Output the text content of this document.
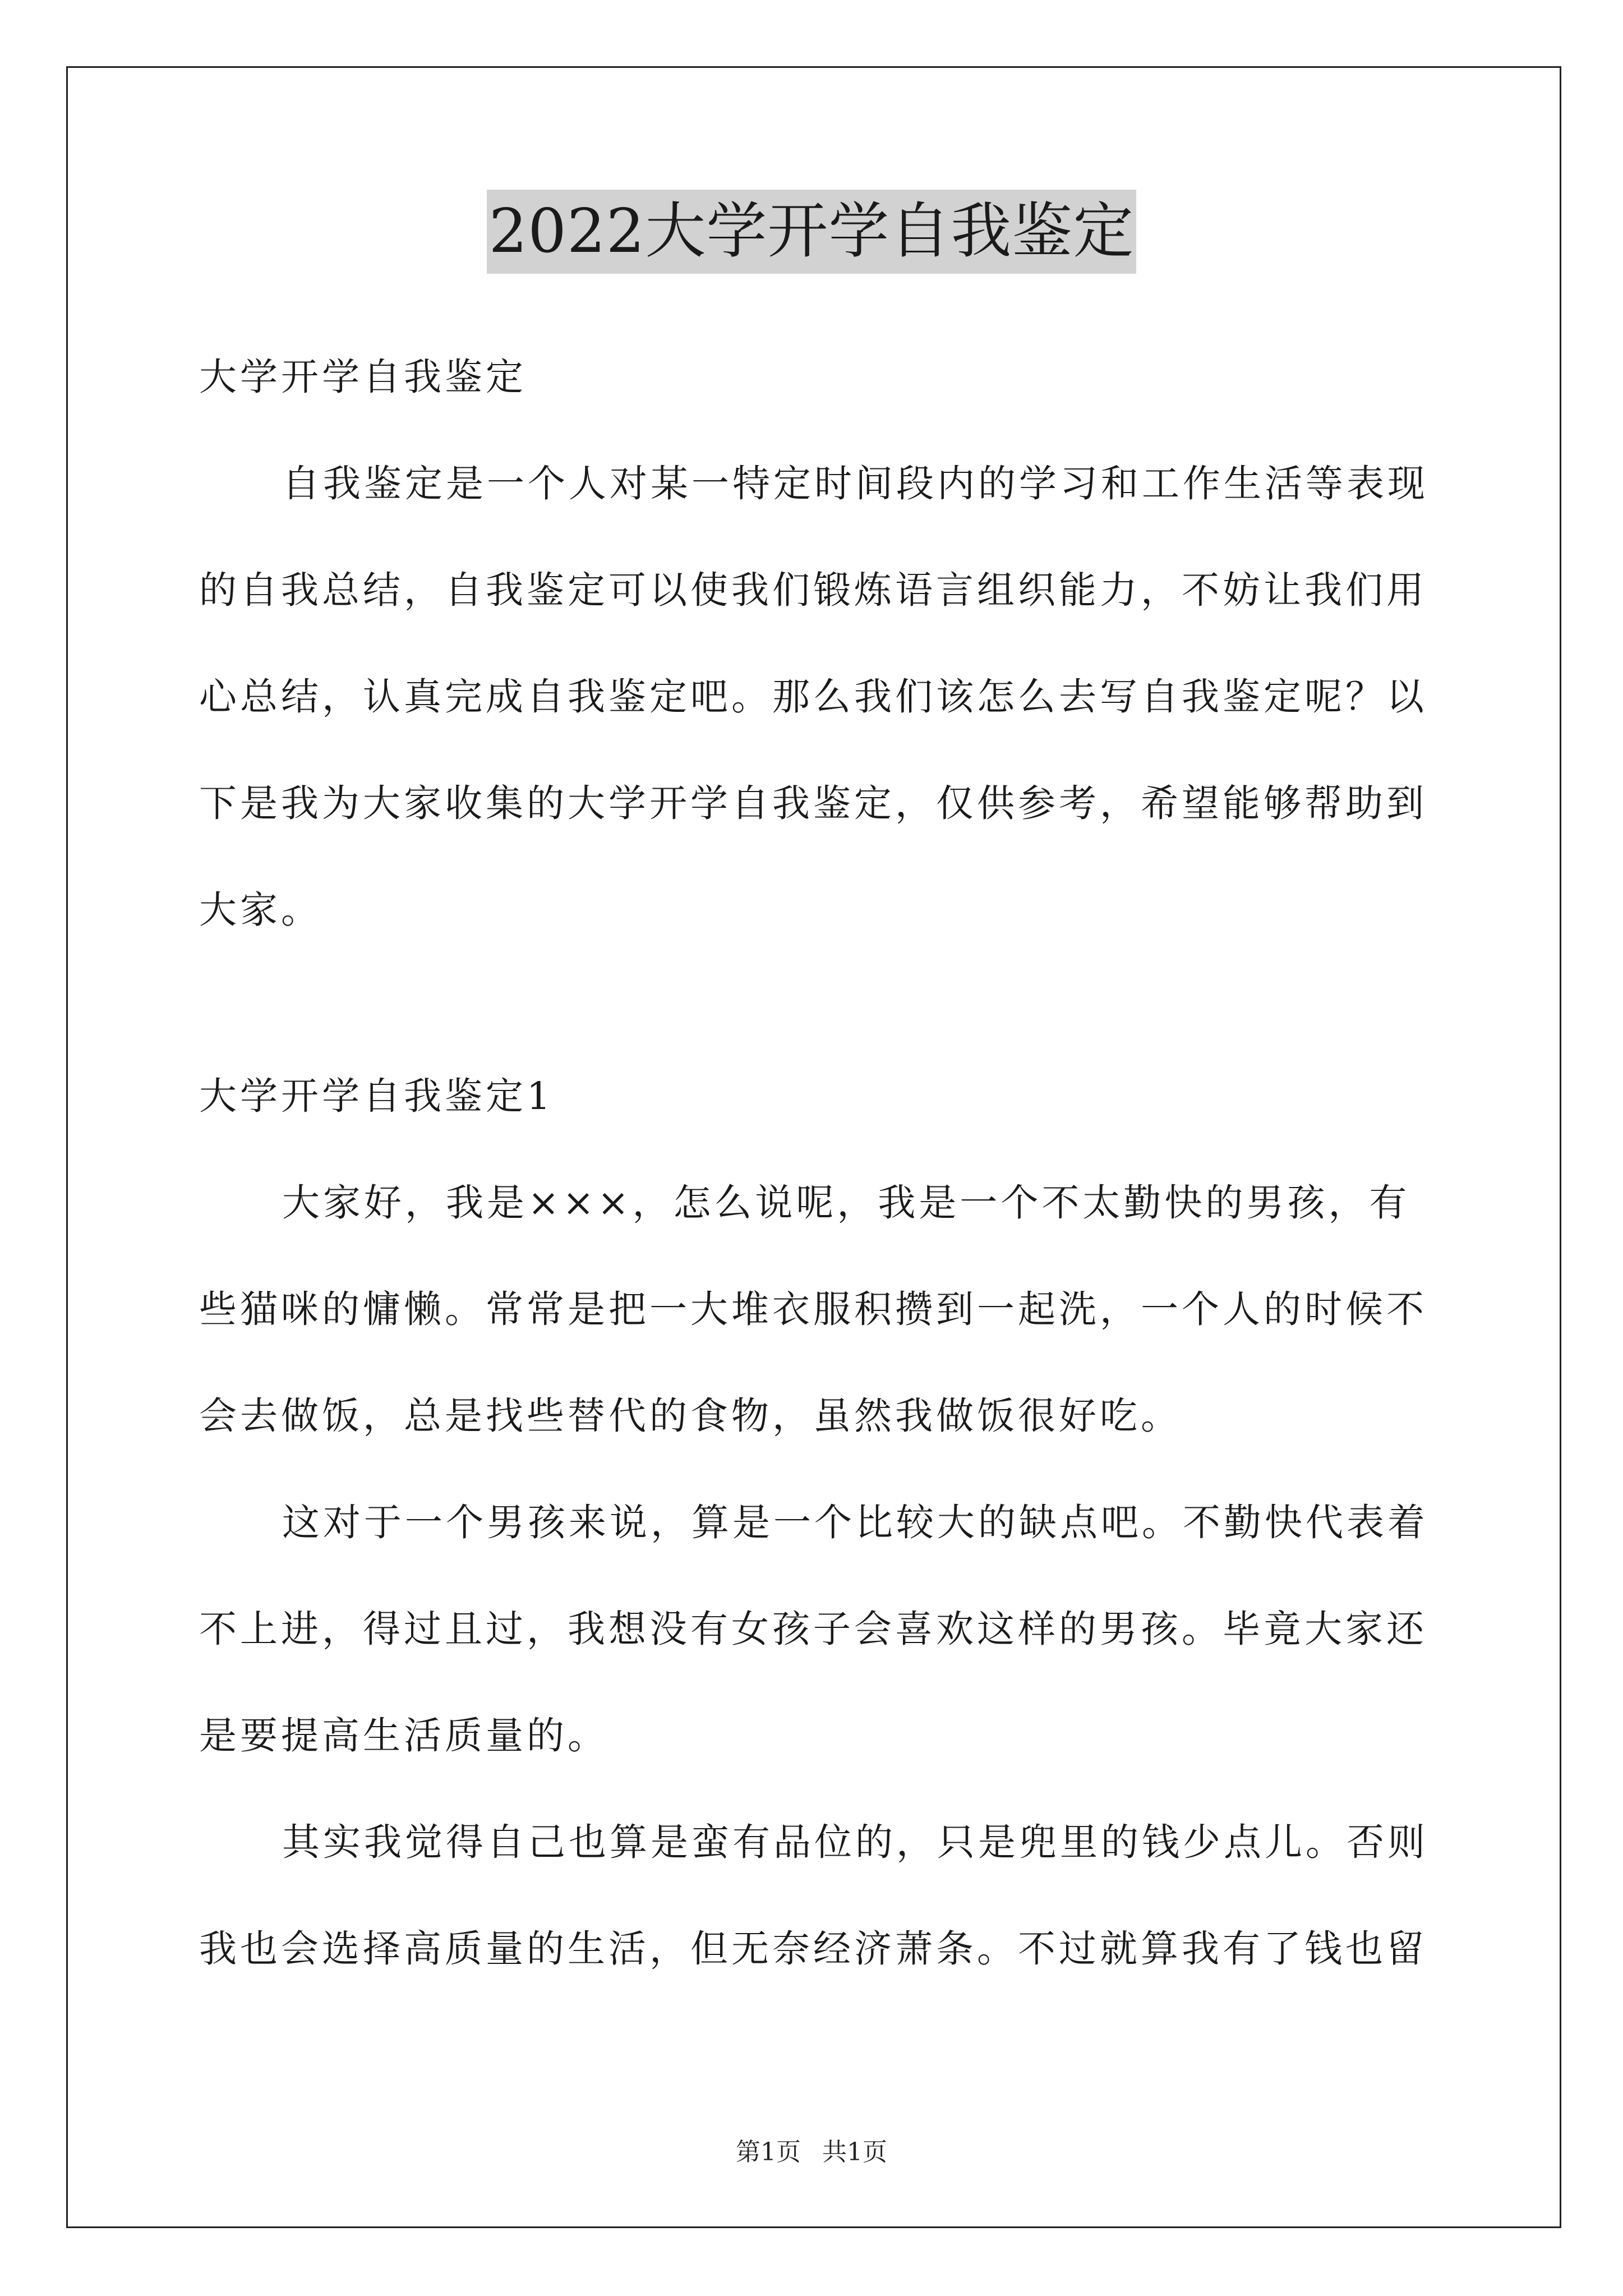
2022大学开学自我鉴定
大学开学自我鉴定
自我鉴定是一个人对某一特定时间段内的学习和工作生活等表现
的自我总结，自我鉴定可以使我们锻炼语言组织能力，不妨让我们用
心总结，认真完成自我鉴定吧。那么我们该怎么去写自我鉴定呢？以
下是我为大家收集的大学开学自我鉴定，仅供参考，希望能够帮助到
大家。
大学开学自我鉴定1
大家好，我是×××，怎么说呢，我是一个不太勤快的男孩，有
些猫咪的慵懒。常常是把一大堆衣服积攒到一起洗，一个人的时候不
会去做饭，总是找些替代的食物，虽然我做饭很好吃。
这对于一个男孩来说，算是一个比较大的缺点吧。不勤快代表着
不上进，得过且过，我想没有女孩子会喜欢这样的男孩。毕竟大家还
是要提高生活质量的。
其实我觉得自己也算是蛮有品位的，只是兜里的钱少点儿。否则
我也会选择高质量的生活，但无奈经济萧条。不过就算我有了钱也留
第1页 共1页
